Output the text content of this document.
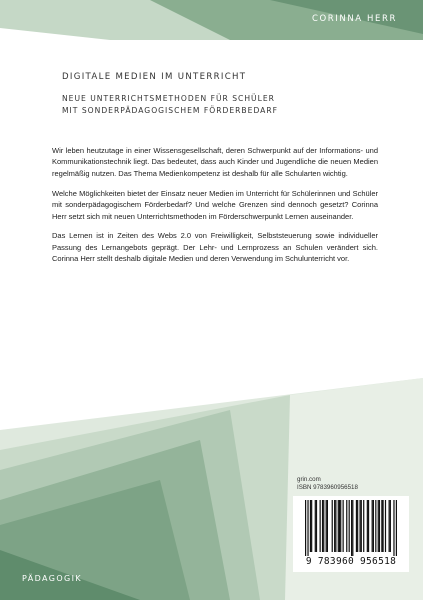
CORINNA HERR
DIGITALE MEDIEN IM UNTERRICHT
NEUE UNTERRICHTSMETHODEN FÜR SCHÜLER
MIT SONDERPÄDAGOGISCHEM FÖRDERBEDARF

Wir leben heutzutage in einer Wissensgesellschaft, deren Schwerpunkt auf der Informations- und Kommunikationstechnik liegt. Das bedeutet, dass auch Kinder und Jugendliche die neuen Medien regelmäßig nutzen. Das Thema Medienkompetenz ist deshalb für alle Schularten wichtig.

Welche Möglichkeiten bietet der Einsatz neuer Medien im Unterricht für Schülerinnen und Schüler mit sonderpädagogischem Förderbedarf? Und welche Grenzen sind dennoch gesetzt? Corinna Herr setzt sich mit neuen Unterrichtsmethoden im Förderschwerpunkt Lernen auseinander.

Das Lernen ist in Zeiten des Webs 2.0 von Freiwilligkeit, Selbststeuerung sowie individueller Passung des Lernangebots geprägt. Der Lehr- und Lernprozess an Schulen verändert sich. Corinna Herr stellt deshalb digitale Medien und deren Verwendung im Schulunterricht vor.

grin.com
ISBN 9783960956518
9 783960 956518
PÄDAGOGIK
